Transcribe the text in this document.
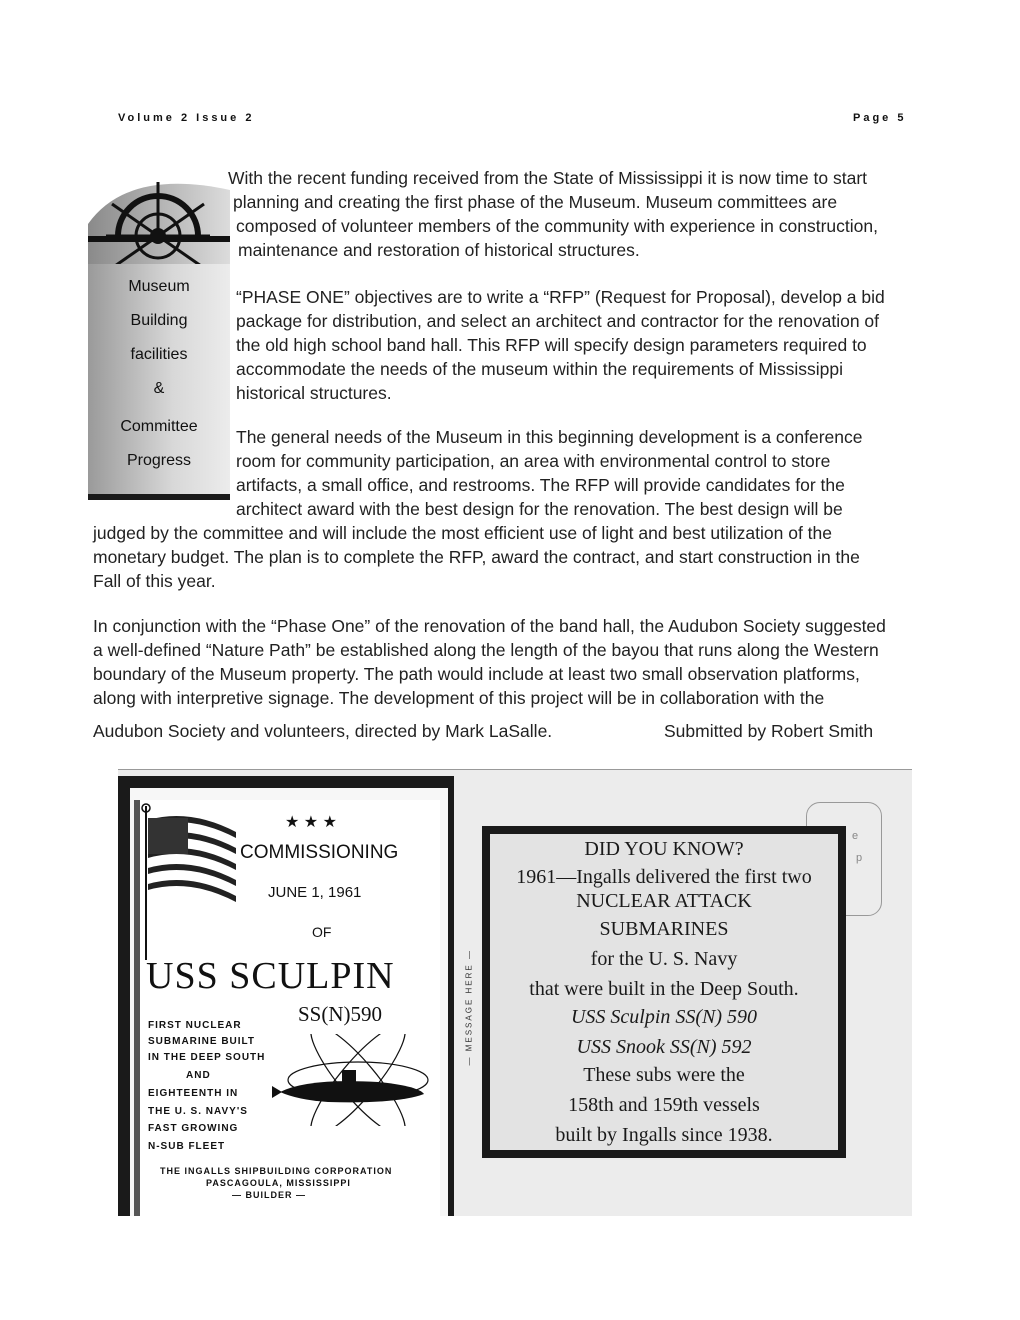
Volume 2 Issue 2	Page 5
Museum
Building
facilities
&
Committee
Progress
With the recent funding received from the State of Mississippi it is now time to start
planning and creating the first phase of the Museum. Museum committees are
composed of volunteer members of the community with experience in construction,
maintenance and restoration of historical structures.
“PHASE ONE” objectives are to write a “RFP” (Request for Proposal), develop a bid
package for distribution, and select an architect and contractor for the renovation of
the old high school band hall. This RFP will specify design parameters required to
accommodate the needs of the museum within the requirements of Mississippi
historical structures.
The general needs of the Museum in this beginning development is a conference
room for community participation, an area with environmental control to store
artifacts, a small office, and restrooms. The RFP will provide candidates for the
architect award with the best design for the renovation. The best design will be
judged by the committee and will include the most efficient use of light and best utilization of the
monetary budget. The plan is to complete the RFP, award the contract, and start construction in the
Fall of this year.
In conjunction with the “Phase One” of the renovation of the band hall, the Audubon Society suggested
a well-defined “Nature Path” be established along the length of the bayou that runs along the Western
boundary of the Museum property. The path would include at least two small observation platforms,
along with interpretive signage. The development of this project will be in collaboration with the
Audubon Society and volunteers, directed by Mark LaSalle.	Submitted by Robert Smith
★ ★ ★
COMMISSIONING
JUNE 1, 1961
OF
USS SCULPIN
SS(N)590
FIRST NUCLEAR
SUBMARINE BUILT
IN THE DEEP SOUTH
AND
EIGHTEENTH IN
THE U. S. NAVY'S
FAST GROWING
N-SUB FLEET
THE INGALLS SHIPBUILDING CORPORATION
PASCAGOULA, MISSISSIPPI
— BUILDER —
— MESSAGE HERE —
e
p
DID YOU KNOW?
1961—Ingalls delivered the first two
NUCLEAR ATTACK
SUBMARINES
for the U. S. Navy
that were built in the Deep South.
USS Sculpin SS(N) 590
USS Snook SS(N) 592
These subs were the
158th and 159th vessels
built by Ingalls since 1938.
